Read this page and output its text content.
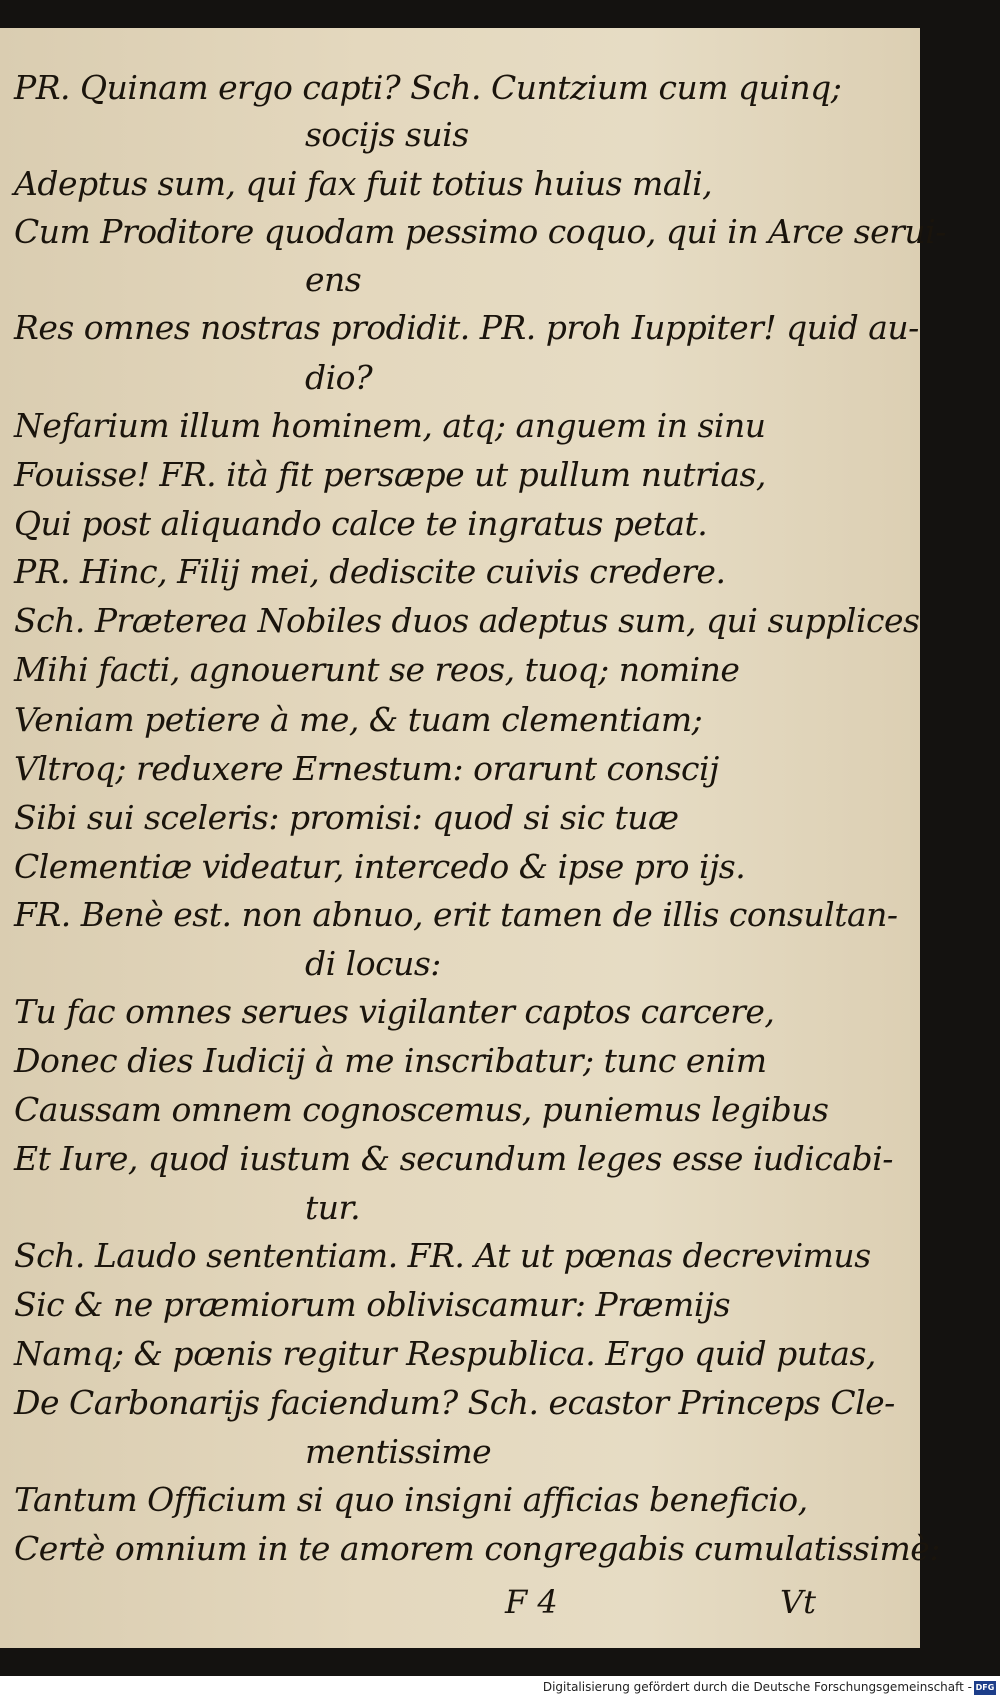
PR. Quinam ergo capti? Sch. Cuntzium cum quinq;
socijs suis
Adeptus sum, qui fax fuit totius huius mali,
Cum Proditore quodam pessimo coquo, qui in Arce serui-
ens
Res omnes nostras prodidit. PR. proh Iuppiter! quid au-
dio?
Nefarium illum hominem, atq; anguem in sinu
Fouisse! FR. ità fit persæpe ut pullum nutrias,
Qui post aliquando calce te ingratus petat.
PR. Hinc, Filij mei, dediscite cuivis credere.
Sch. Præterea Nobiles duos adeptus sum, qui supplices
Mihi facti, agnouerunt se reos, tuoq; nomine
Veniam petiere à me, & tuam clementiam;
Vltroq; reduxere Ernestum: orarunt conscij
Sibi sui sceleris: promisi: quod si sic tuæ
Clementiæ videatur, intercedo & ipse pro ijs.
FR. Benè est. non abnuo, erit tamen de illis consultan-
di locus:
Tu fac omnes serues vigilanter captos carcere,
Donec dies Iudicij à me inscribatur; tunc enim
Caussam omnem cognoscemus, puniemus legibus
Et Iure, quod iustum & secundum leges esse iudicabi-
tur.
Sch. Laudo sententiam. FR. At ut pœnas decrevimus
Sic & ne præmiorum obliviscamur: Præmijs
Namq; & pœnis regitur Respublica. Ergo quid putas,
De Carbonarijs faciendum? Sch. ecastor Princeps Cle-
mentissime
Tantum Officium si quo insigni afficias beneficio,
Certè omnium in te amorem congregabis cumulatissimè:
F 4	Vt
Digitalisierung gefördert durch die Deutsche Forschungsgemeinschaft - DFG
